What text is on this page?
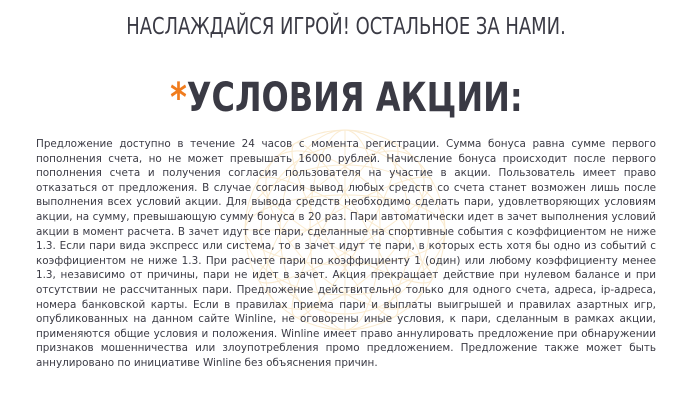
НАСЛАЖДАЙСЯ ИГРОЙ! ОСТАЛЬНОЕ ЗА НАМИ.
*УСЛОВИЯ АКЦИИ:

Предложение доступно в течение 24 часов с момента регистрации. Сумма бонуса равна сумме первого пополнения счета, но не может превышать 16000 рублей. Начисление бонуса происходит после первого пополнения счета и получения согласия пользователя на участие в акции. Пользователь имеет право отказаться от предложения. В случае согласия вывод любых средств со счета станет возможен лишь после выполнения всех условий акции. Для вывода средств необходимо сделать пари, удовлетворяющих условиям акции, на сумму, превышающую сумму бонуса в 20 раз. Пари автоматически идет в зачет выполнения условий акции в момент расчета. В зачет идут все пари, сделанные на спортивные события с коэффициентом не ниже 1.3. Если пари вида экспресс или система, то в зачет идут те пари, в которых есть хотя бы одно из событий с коэффициентом не ниже 1.3. При расчете пари по коэффициенту 1 (один) или любому коэффициенту менее 1.3, независимо от причины, пари не идет в зачет. Акция прекращает действие при нулевом балансе и при отсутствии не рассчитанных пари. Предложение действительно только для одного счета, адреса, ip-адреса, номера банковской карты. Если в правилах приема пари и выплаты выигрышей и правилах азартных игр, опубликованных на данном сайте Winline, не оговорены иные условия, к пари, сделанным в рамках акции, применяются общие условия и положения. Winline имеет право аннулировать предложение при обнаружении признаков мошенничества или злоупотребления промо предложением. Предложение также может быть аннулировано по инициативе Winline без объяснения причин.
